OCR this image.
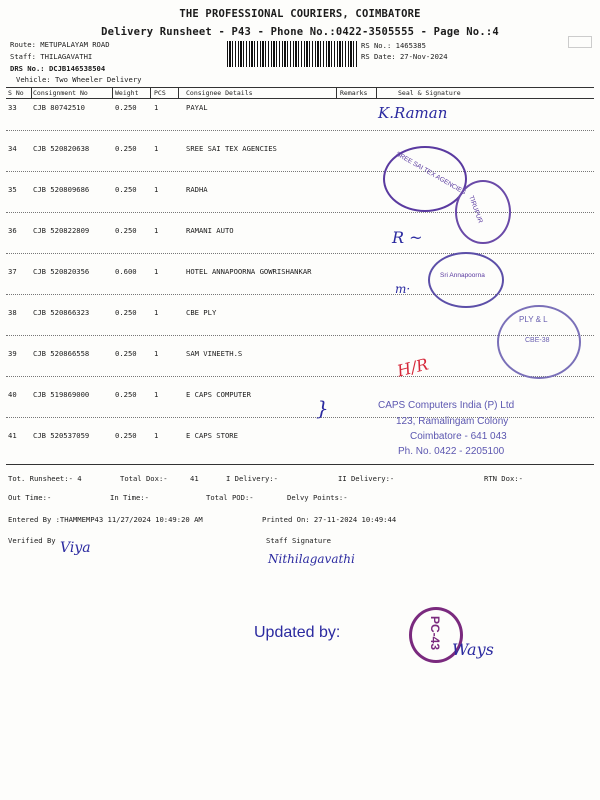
THE PROFESSIONAL COURIERS, COIMBATORE
Delivery Runsheet - P43 - Phone No.:0422-3505555 - Page No.:4
Route: METUPALAYAM ROAD
Staff: THILAGAVATHI
DRS No.: DCJB146538504
Vehicle: Two Wheeler Delivery
RS No.: 1465385
RS Date: 27-Nov-2024
S No Consignment No	Weight PCS	Consignee Details	Remarks	Seal & Signature
33 CJB 80742510	0.250 1	PAYAL
34 CJB 520820638	0.250 1	SREE SAI TEX AGENCIES
35 CJB 520809686	0.250 1	RADHA
36 CJB 520822809	0.250 1	RAMANI AUTO
37 CJB 520820356	0.600 1	HOTEL ANNAPOORNA GOWRISHANKAR
38 CJB 520866323	0.250 1	CBE PLY
39 CJB 520866558	0.250 1	SAM VINEETH.S
40 CJB 519869000	0.250 1	E CAPS COMPUTER
41 CJB 520537059	0.250 1	E CAPS STORE
K.Raman
SREE SAI TEX AGENCIES
TIRUPUR
R ~
Sri Annapoorna
m·
PLY & L
CBE-38
H/R
CAPS Computers India (P) Ltd
123, Ramalingam Colony
Coimbatore - 641 043
Ph. No. 0422 - 2205100
}
Tot. Runsheet:- 4	Total Dox:-	41	I Delivery:-	II Delivery:-	RTN Dox:-
Out Time:-	In Time:-	Total POD:-	Delvy Points:-
Entered By :THAMMEMP43 11/27/2024 10:49:20 AM	Printed On: 27-11-2024 10:49:44
Verified By	Staff Signature
Viya
Nithilagavathi
Updated by:	PC-43 Ways
